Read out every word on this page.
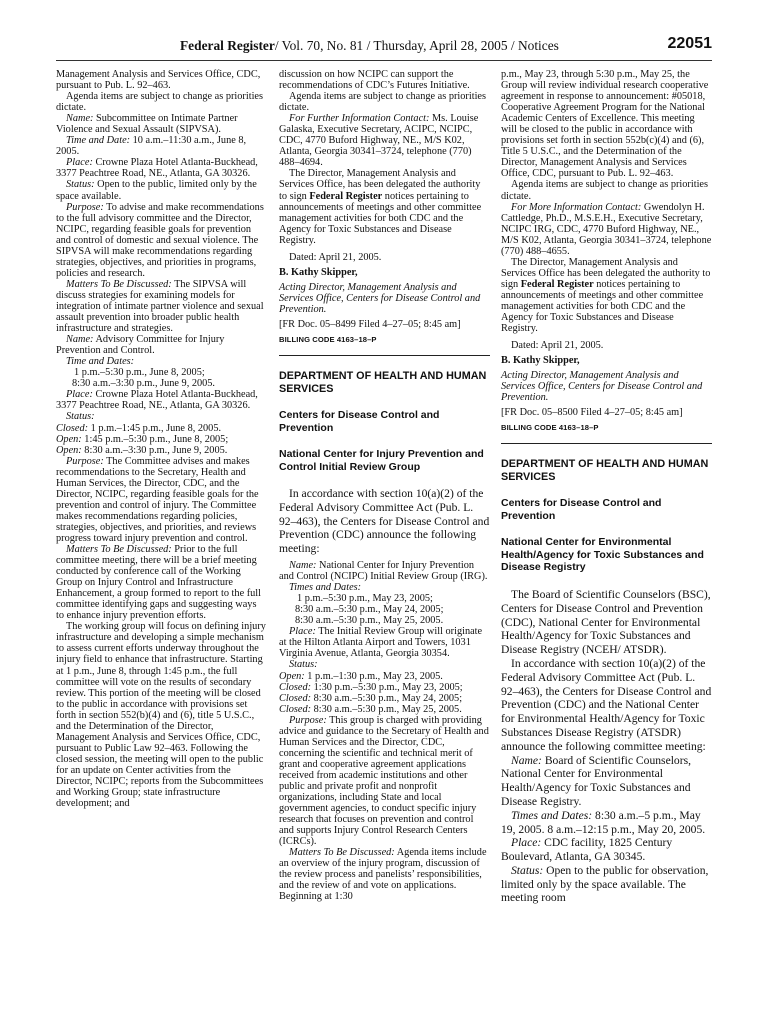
Federal Register/ Vol. 70, No. 81 / Thursday, April 28, 2005 / Notices	22051

Management Analysis and Services Office, CDC, pursuant to Pub. L. 92–463.

Agenda items are subject to change as priorities dictate.

Name: Subcommittee on Intimate Partner Violence and Sexual Assault (SIPVSA).

Time and Date: 10 a.m.–11:30 a.m., June 8, 2005.

Place: Crowne Plaza Hotel Atlanta-Buckhead, 3377 Peachtree Road, NE., Atlanta, GA 30326.

Status: Open to the public, limited only by the space available.

Purpose: To advise and make recommendations to the full advisory committee and the Director, NCIPC, regarding feasible goals for prevention and control of domestic and sexual violence. The SIPVSA will make recommendations regarding strategies, objectives, and priorities in programs, policies and research.

Matters To Be Discussed: The SIPVSA will discuss strategies for examining models for integration of intimate partner violence and sexual assault prevention into broader public health infrastructure and strategies.

Name: Advisory Committee for Injury Prevention and Control.

Time and Dates:

1 p.m.–5:30 p.m., June 8, 2005;

8:30 a.m.–3:30 p.m., June 9, 2005.

Place: Crowne Plaza Hotel Atlanta-Buckhead, 3377 Peachtree Road, NE., Atlanta, GA 30326.

Status:

Closed: 1 p.m.–1:45 p.m., June 8, 2005.

Open: 1:45 p.m.–5:30 p.m., June 8, 2005;

Open: 8:30 a.m.–3:30 p.m., June 9, 2005.

Purpose: The Committee advises and makes recommendations to the Secretary, Health and Human Services, the Director, CDC, and the Director, NCIPC, regarding feasible goals for the prevention and control of injury. The Committee makes recommendations regarding policies, strategies, objectives, and priorities, and reviews progress toward injury prevention and control.

Matters To Be Discussed: Prior to the full committee meeting, there will be a brief meeting conducted by conference call of the Working Group on Injury Control and Infrastructure Enhancement, a group formed to report to the full committee identifying gaps and suggesting ways to enhance injury prevention efforts.

The working group will focus on defining injury infrastructure and developing a simple mechanism to assess current efforts underway throughout the injury field to enhance that infrastructure. Starting at 1 p.m., June 8, through 1:45 p.m., the full committee will vote on the results of secondary review. This portion of the meeting will be closed to the public in accordance with provisions set forth in section 552(b)(4) and (6), title 5 U.S.C., and the Determination of the Director, Management Analysis and Services Office, CDC, pursuant to Public Law 92–463. Following the closed session, the meeting will open to the public for an update on Center activities from the Director, NCIPC; reports from the Subcommittees and Working Group; state infrastructure development; and

discussion on how NCIPC can support the recommendations of CDC’s Futures Initiative.

Agenda items are subject to change as priorities dictate.

For Further Information Contact: Ms. Louise Galaska, Executive Secretary, ACIPC, NCIPC, CDC, 4770 Buford Highway, NE., M/S K02, Atlanta, Georgia 30341–3724, telephone (770) 488–4694.

The Director, Management Analysis and Services Office, has been delegated the authority to sign Federal Register notices pertaining to announcements of meetings and other committee management activities for both CDC and the Agency for Toxic Substances and Disease Registry.

Dated: April 21, 2005.

B. Kathy Skipper,

Acting Director, Management Analysis and Services Office, Centers for Disease Control and Prevention.

[FR Doc. 05–8499 Filed 4–27–05; 8:45 am]

BILLING CODE 4163–18–P

DEPARTMENT OF HEALTH AND HUMAN SERVICES

Centers for Disease Control and Prevention

National Center for Injury Prevention and Control Initial Review Group

In accordance with section 10(a)(2) of the Federal Advisory Committee Act (Pub. L. 92–463), the Centers for Disease Control and Prevention (CDC) announce the following meeting:

Name: National Center for Injury Prevention and Control (NCIPC) Initial Review Group (IRG).

Times and Dates:

1 p.m.–5:30 p.m., May 23, 2005;

8:30 a.m.–5:30 p.m., May 24, 2005;

8:30 a.m.–5:30 p.m., May 25, 2005.

Place: The Initial Review Group will originate at the Hilton Atlanta Airport and Towers, 1031 Virginia Avenue, Atlanta, Georgia 30354.

Status:

Open: 1 p.m.–1:30 p.m., May 23, 2005.

Closed: 1:30 p.m.–5:30 p.m., May 23, 2005;

Closed: 8:30 a.m.–5:30 p.m., May 24, 2005;

Closed: 8:30 a.m.–5:30 p.m., May 25, 2005.

Purpose: This group is charged with providing advice and guidance to the Secretary of Health and Human Services and the Director, CDC, concerning the scientific and technical merit of grant and cooperative agreement applications received from academic institutions and other public and private profit and nonprofit organizations, including State and local government agencies, to conduct specific injury research that focuses on prevention and control and supports Injury Control Research Centers (ICRCs).

Matters To Be Discussed: Agenda items include an overview of the injury program, discussion of the review process and panelists’ responsibilities, and the review of and vote on applications. Beginning at 1:30

p.m., May 23, through 5:30 p.m., May 25, the Group will review individual research cooperative agreement in response to announcement: #05018, Cooperative Agreement Program for the National Academic Centers of Excellence. This meeting will be closed to the public in accordance with provisions set forth in section 552b(c)(4) and (6), Title 5 U.S.C., and the Determination of the Director, Management Analysis and Services Office, CDC, pursuant to Pub. L. 92–463.

Agenda items are subject to change as priorities dictate.

For More Information Contact: Gwendolyn H. Cattledge, Ph.D., M.S.E.H., Executive Secretary, NCIPC IRG, CDC, 4770 Buford Highway, NE., M/S K02, Atlanta, Georgia 30341–3724, telephone (770) 488–4655.

The Director, Management Analysis and Services Office has been delegated the authority to sign Federal Register notices pertaining to announcements of meetings and other committee management activities for both CDC and the Agency for Toxic Substances and Disease Registry.

Dated: April 21, 2005.

B. Kathy Skipper,

Acting Director, Management Analysis and Services Office, Centers for Disease Control and Prevention.

[FR Doc. 05–8500 Filed 4–27–05; 8:45 am]

BILLING CODE 4163–18–P

DEPARTMENT OF HEALTH AND HUMAN SERVICES

Centers for Disease Control and Prevention

National Center for Environmental Health/Agency for Toxic Substances and Disease Registry

The Board of Scientific Counselors (BSC), Centers for Disease Control and Prevention (CDC), National Center for Environmental Health/Agency for Toxic Substances and Disease Registry (NCEH/ ATSDR).

In accordance with section 10(a)(2) of the Federal Advisory Committee Act (Pub. L. 92–463), the Centers for Disease Control and Prevention (CDC) and the National Center for Environmental Health/Agency for Toxic Substances Disease Registry (ATSDR) announce the following committee meeting:

Name: Board of Scientific Counselors, National Center for Environmental Health/Agency for Toxic Substances and Disease Registry.

Times and Dates: 8:30 a.m.–5 p.m., May 19, 2005. 8 a.m.–12:15 p.m., May 20, 2005.

Place: CDC facility, 1825 Century Boulevard, Atlanta, GA 30345.

Status: Open to the public for observation, limited only by the space available. The meeting room
